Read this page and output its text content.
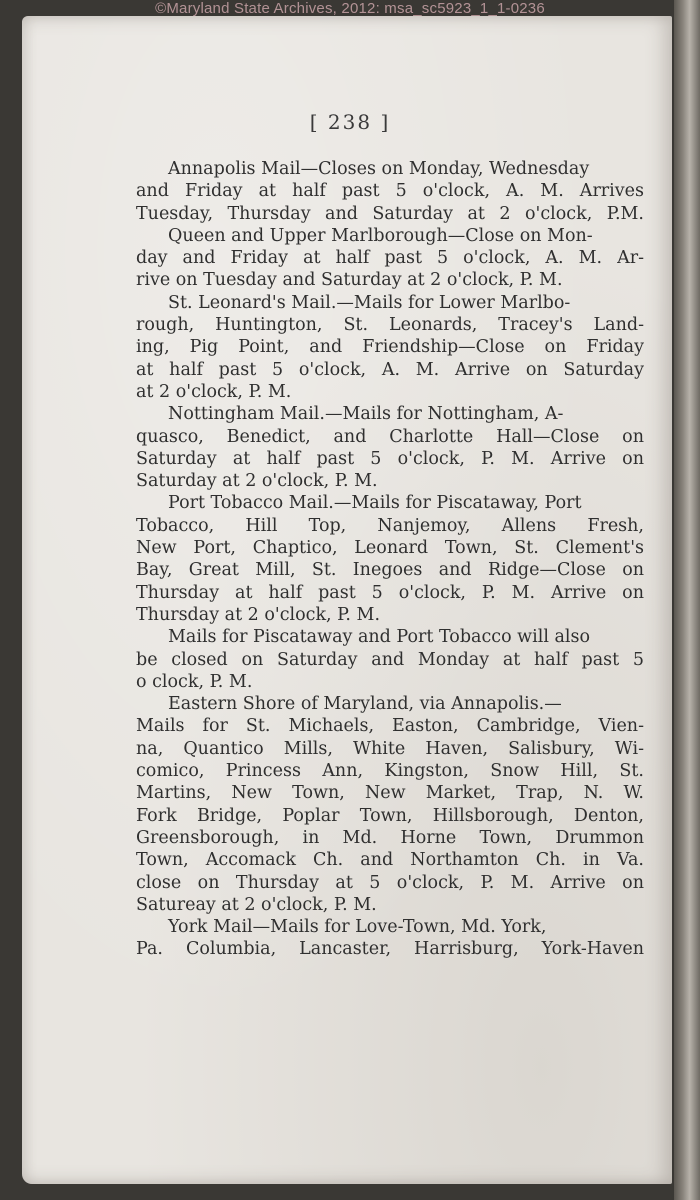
©Maryland State Archives, 2012: msa_sc5923_1_1-0236
[ 238 ]
Annapolis Mail—Closes on Monday, Wednesday
and Friday at half past 5 o'clock, A. M. Arrives
Tuesday, Thursday and Saturday at 2 o'clock, P.M.
Queen and Upper Marlborough—Close on Mon-
day and Friday at half past 5 o'clock, A. M. Ar-
rive on Tuesday and Saturday at 2 o'clock, P. M.
St. Leonard's Mail.—Mails for Lower Marlbo-
rough, Huntington, St. Leonards, Tracey's Land-
ing, Pig Point, and Friendship—Close on Friday
at half past 5 o'clock, A. M. Arrive on Saturday
at 2 o'clock, P. M.
Nottingham Mail.—Mails for Nottingham, A-
quasco, Benedict, and Charlotte Hall—Close on
Saturday at half past 5 o'clock, P. M. Arrive on
Saturday at 2 o'clock, P. M.
Port Tobacco Mail.—Mails for Piscataway, Port
Tobacco, Hill Top, Nanjemoy, Allens Fresh,
New Port, Chaptico, Leonard Town, St. Clement's
Bay, Great Mill, St. Inegoes and Ridge—Close on
Thursday at half past 5 o'clock, P. M. Arrive on
Thursday at 2 o'clock, P. M.
Mails for Piscataway and Port Tobacco will also
be closed on Saturday and Monday at half past 5
o clock, P. M.
Eastern Shore of Maryland, via Annapolis.—
Mails for St. Michaels, Easton, Cambridge, Vien-
na, Quantico Mills, White Haven, Salisbury, Wi-
comico, Princess Ann, Kingston, Snow Hill, St.
Martins, New Town, New Market, Trap, N. W.
Fork Bridge, Poplar Town, Hillsborough, Denton,
Greensborough, in Md. Horne Town, Drummon
Town, Accomack Ch. and Northamton Ch. in Va.
close on Thursday at 5 o'clock, P. M. Arrive on
Satureay at 2 o'clock, P. M.
York Mail—Mails for Love-Town, Md. York,
Pa. Columbia, Lancaster, Harrisburg, York-Haven
